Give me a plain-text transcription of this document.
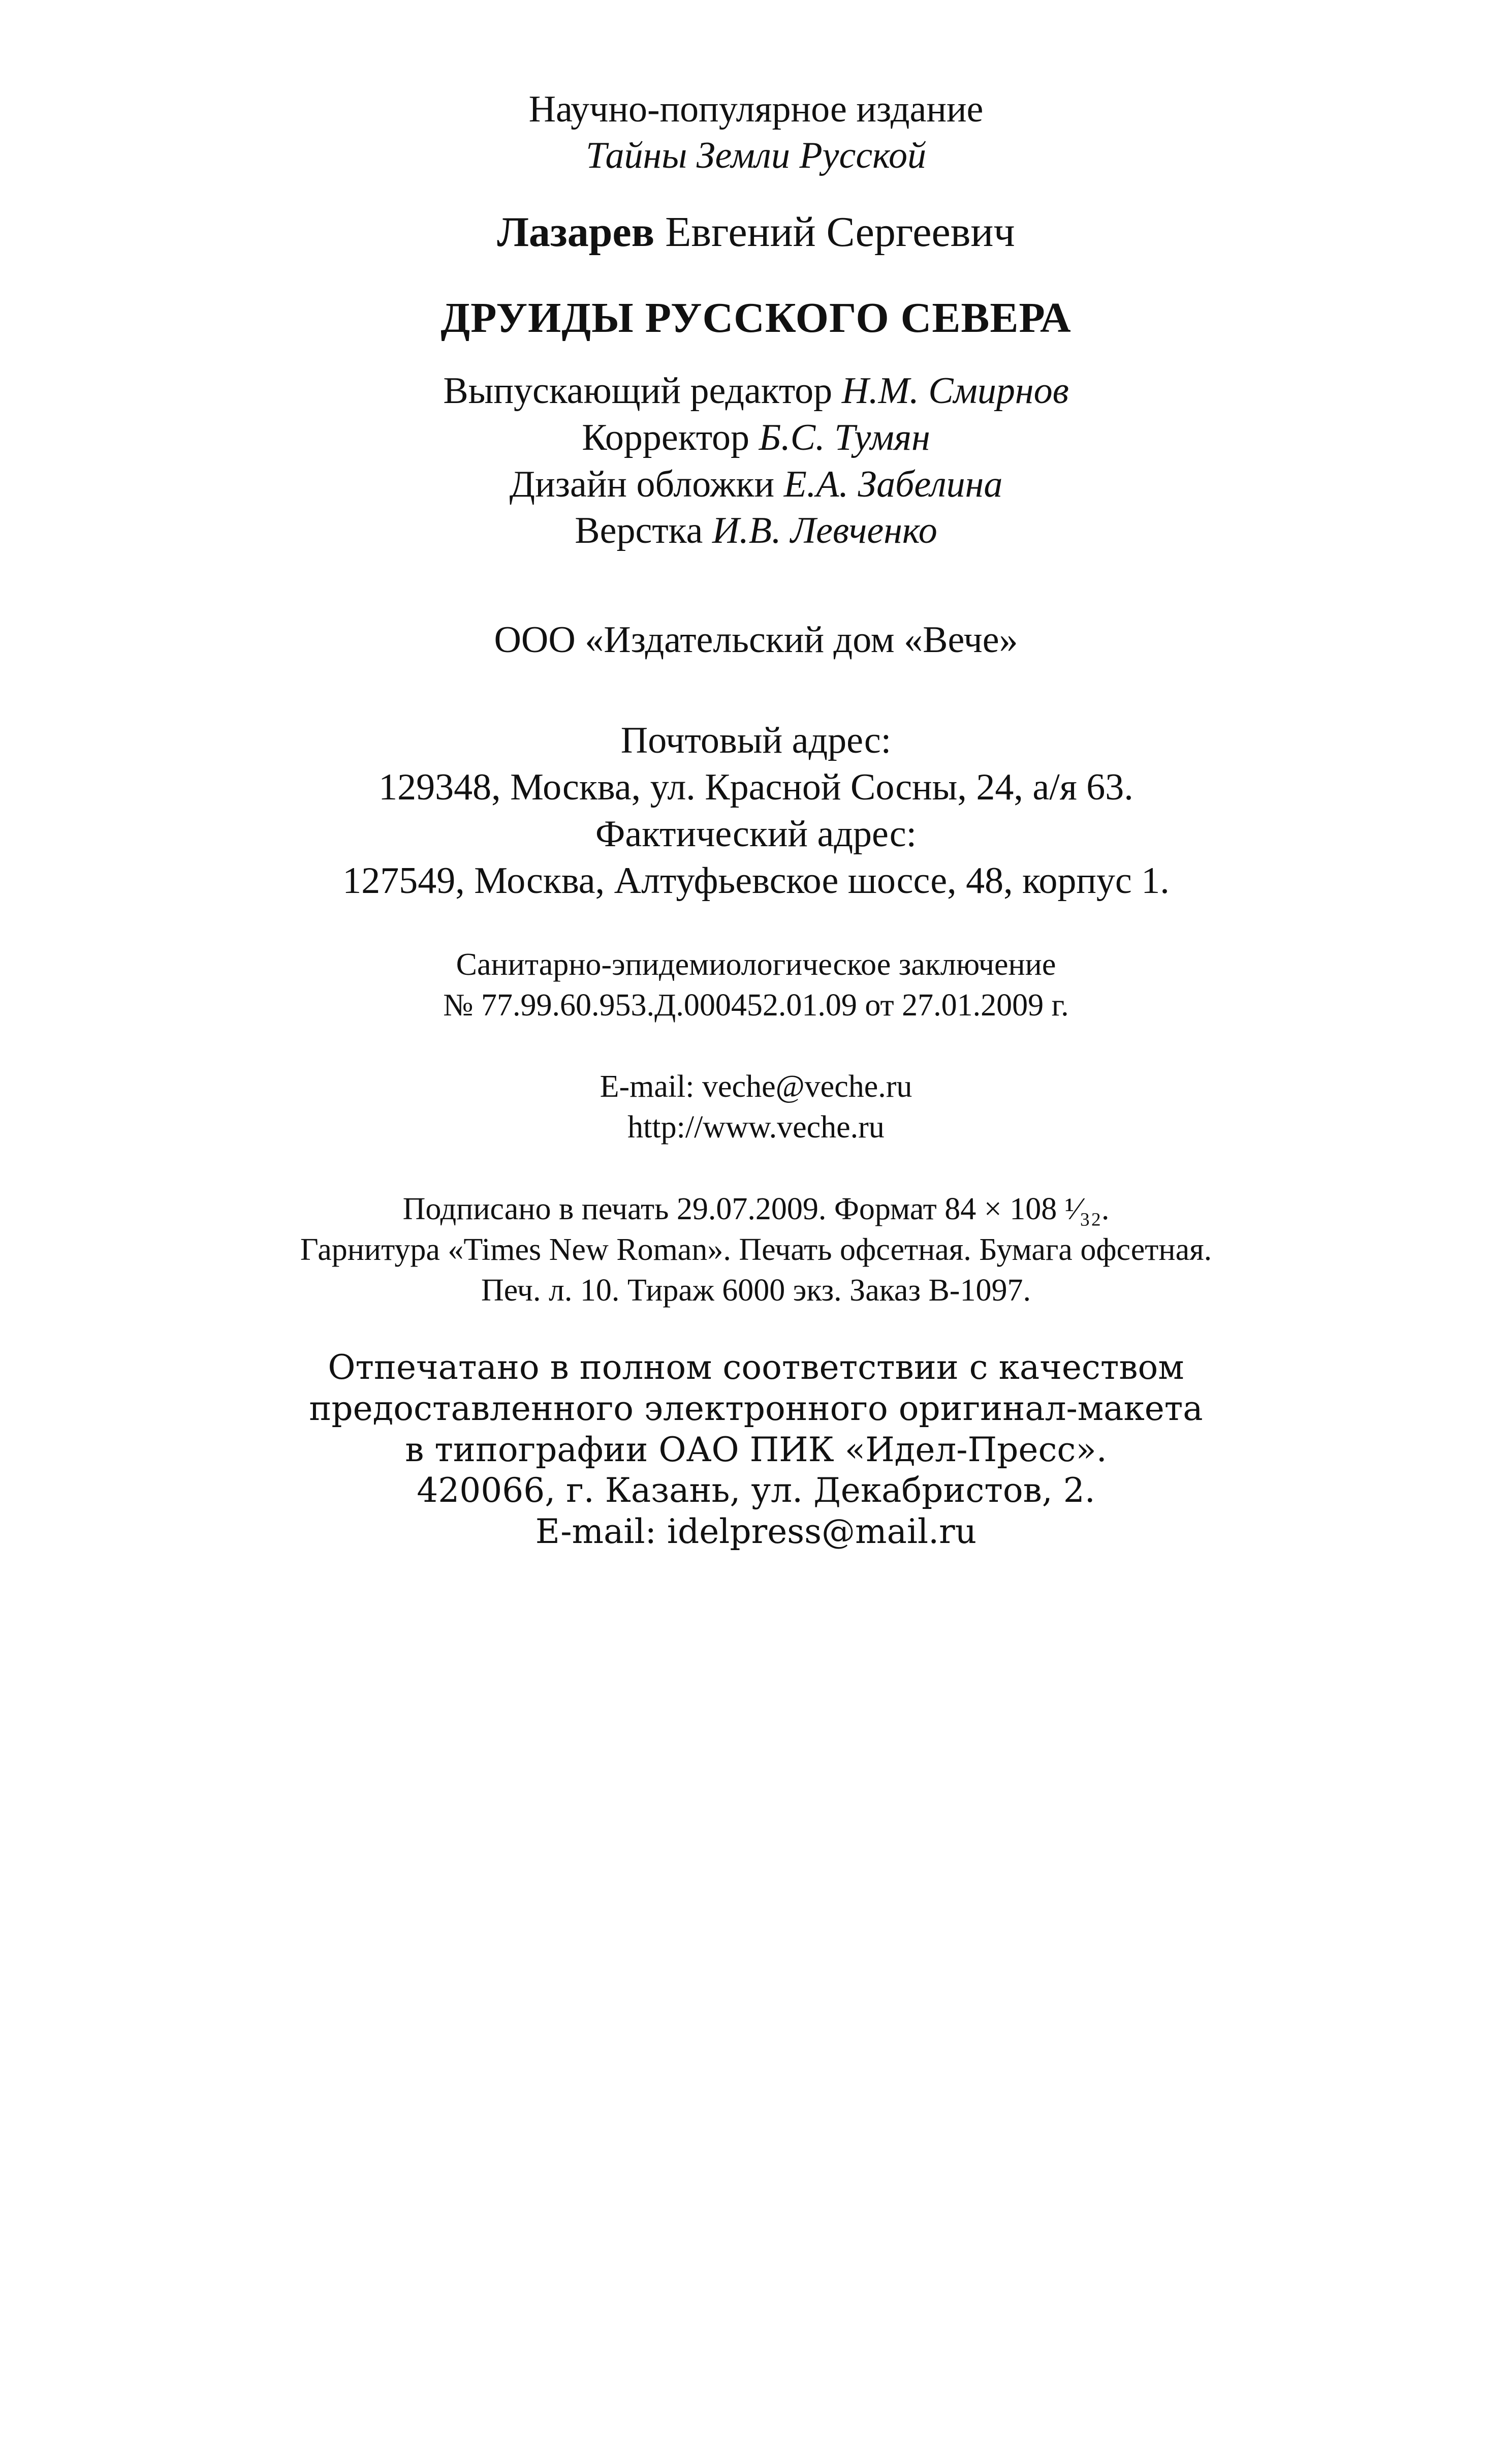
Научно-популярное издание
Тайны Земли Русской
Лазарев Евгений Сергеевич
ДРУИДЫ РУССКОГО СЕВЕРА
Выпускающий редактор Н.М. Смирнов
Корректор Б.С. Тумян
Дизайн обложки Е.А. Забелина
Верстка И.В. Левченко
ООО «Издательский дом «Вече»
Почтовый адрес:
129348, Москва, ул. Красной Сосны, 24, а/я 63.
Фактический адрес:
127549, Москва, Алтуфьевское шоссе, 48, корпус 1.
Санитарно-эпидемиологическое заключение
№ 77.99.60.953.Д.000452.01.09 от 27.01.2009 г.
E-mail: veche@veche.ru
http://www.veche.ru
Подписано в печать 29.07.2009. Формат 84 × 108 ¹⁄₃₂.
Гарнитура «Times New Roman». Печать офсетная. Бумага офсетная.
Печ. л. 10. Тираж 6000 экз. Заказ В-1097.
Отпечатано в полном соответствии с качеством
предоставленного электронного оригинал-макета
в типографии ОАО ПИК «Идел-Пресс».
420066, г. Казань, ул. Декабристов, 2.
E-mail: idelpress@mail.ru
